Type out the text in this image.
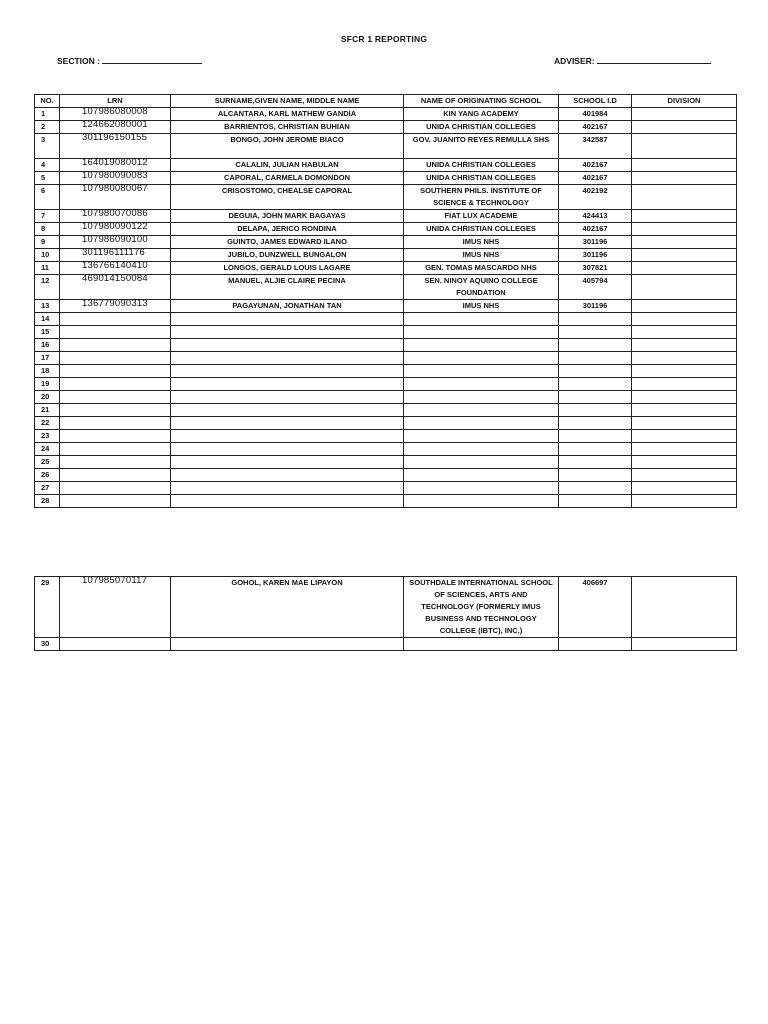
SFCR 1 REPORTING
SECTION :	ADVISER:
NO.	LRN	SURNAME,GIVEN NAME, MIDDLE NAME	NAME OF ORIGINATING SCHOOL	SCHOOL I.D	DIVISION
1	107986080008	ALCANTARA, KARL MATHEW GANDIA	KIN YANG ACADEMY	401984	
2	124662080001	BARRIENTOS, CHRISTIAN BUHIAN	UNIDA CHRISTIAN COLLEGES	402167	
3	301196150155	BONGO, JOHN JEROME BIACO	GOV. JUANITO REYES REMULLA SHS	342587	
4	164019080012	CALALIN, JULIAN HABULAN	UNIDA CHRISTIAN COLLEGES	402167	
5	107980090083	CAPORAL, CARMELA DOMONDON	UNIDA CHRISTIAN COLLEGES	402167	
6	107980080067	CRISOSTOMO, CHEALSE CAPORAL	SOUTHERN PHILS. INSTITUTE OF SCIENCE & TECHNOLOGY	402192	
7	107980070086	DEGUIA, JOHN MARK BAGAYAS	FIAT LUX ACADEME	424413	
8	107980090122	DELAPA, JERICO RONDINA	UNIDA CHRISTIAN COLLEGES	402167	
9	107986090100	GUINTO, JAMES EDWARD ILANO	IMUS NHS	301196	
10	301196111176	JUBILO, DUNZWELL BUNGALON	IMUS NHS	301196	
11	136766140410	LONGOS, GERALD LOUIS LAGARE	GEN. TOMAS MASCARDO NHS	307821	
12	469014150084	MANUEL, ALJIE CLAIRE PECINA	SEN. NINOY AQUINO COLLEGE FOUNDATION	405794	
13	136779090313	PAGAYUNAN, JONATHAN TAN	IMUS NHS	301196	
14					
15					
16					
17					
18					
19					
20					
21					
22					
23					
24					
25					
26					
27					
28					
29	107985070117	GOHOL, KAREN MAE LIPAYON	SOUTHDALE INTERNATIONAL SCHOOL OF SCIENCES, ARTS AND TECHNOLOGY (FORMERLY IMUS BUSINESS AND TECHNOLOGY COLLEGE (IBTC), INC.)	406697	
30					
